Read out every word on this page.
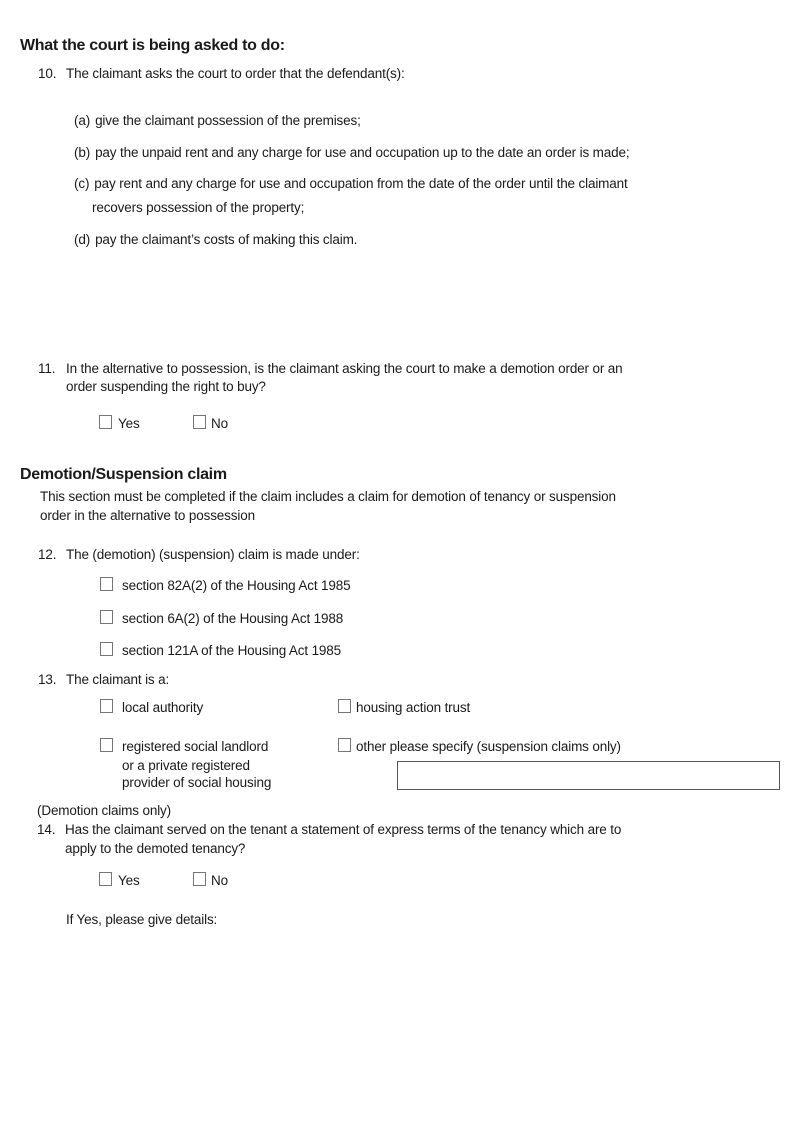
What the court is being asked to do:
10. The claimant asks the court to order that the defendant(s):
(a) give the claimant possession of the premises;
(b) pay the unpaid rent and any charge for use and occupation up to the date an order is made;
(c) pay rent and any charge for use and occupation from the date of the order until the claimant
recovers possession of the property;
(d) pay the claimant’s costs of making this claim.
11. In the alternative to possession, is the claimant asking the court to make a demotion order or an
order suspending the right to buy?
Yes	No
Demotion/Suspension claim
This section must be completed if the claim includes a claim for demotion of tenancy or suspension
order in the alternative to possession
12. The (demotion) (suspension) claim is made under:
section 82A(2) of the Housing Act 1985
section 6A(2) of the Housing Act 1988
section 121A of the Housing Act 1985
13. The claimant is a:
local authority	housing action trust
registered social landlord
or a private registered
provider of social housing
other please specify (suspension claims only)
(Demotion claims only)
14. Has the claimant served on the tenant a statement of express terms of the tenancy which are to
apply to the demoted tenancy?
Yes	No
If Yes, please give details:
